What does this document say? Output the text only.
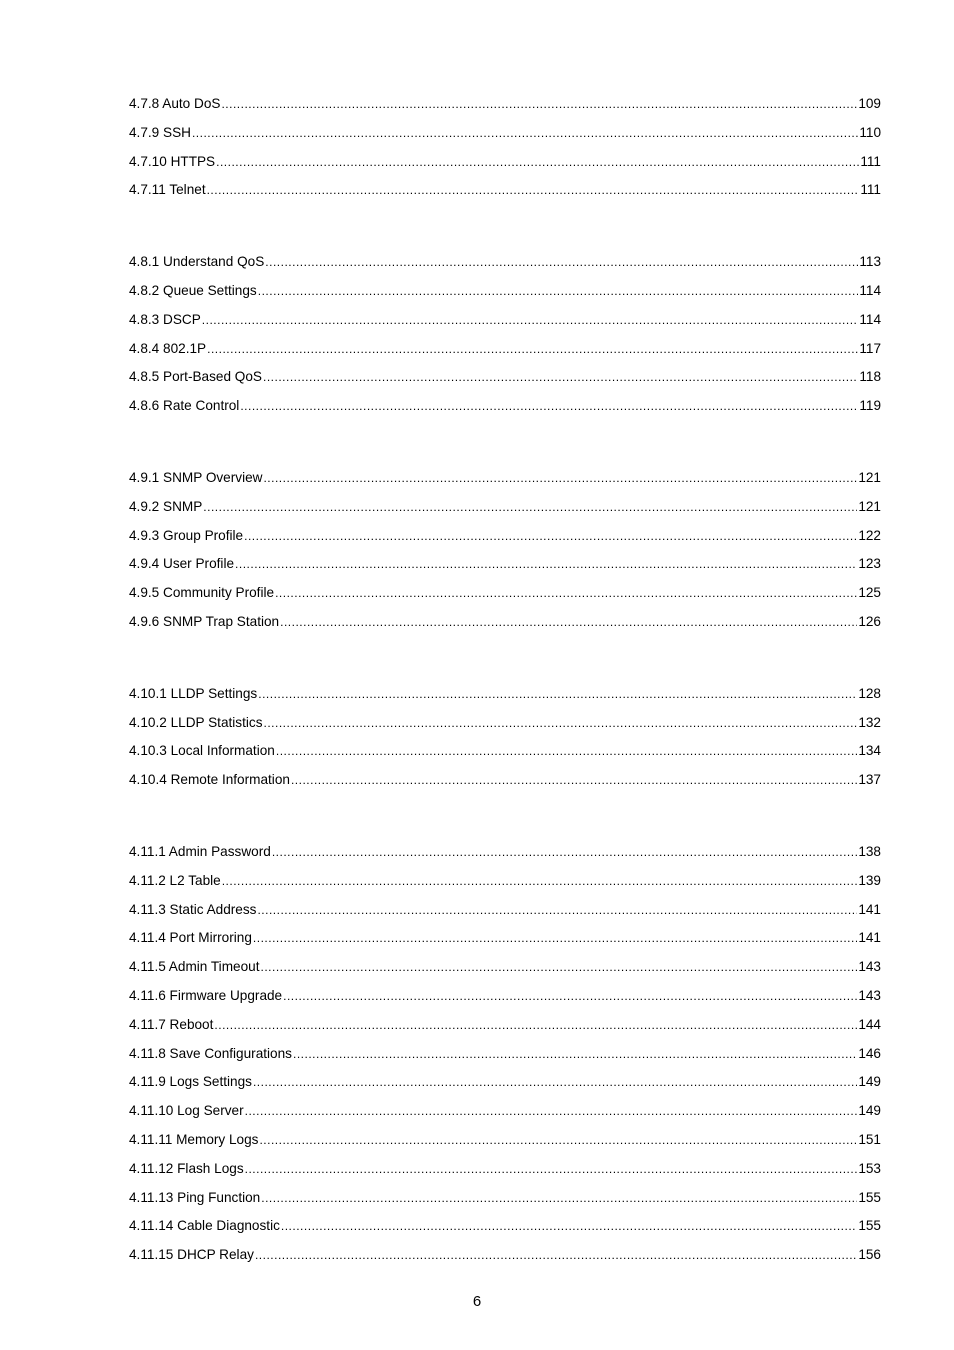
4.7.8 Auto DoS .....	109
4.7.9 SSH .....	110
4.7.10 HTTPS .....	111
4.7.11 Telnet .....	111
4.8.1 Understand QoS .....	113
4.8.2 Queue Settings .....	114
4.8.3 DSCP .....	114
4.8.4 802.1P .....	117
4.8.5 Port-Based QoS .....	118
4.8.6 Rate Control .....	119
4.9.1 SNMP Overview .....	121
4.9.2 SNMP .....	121
4.9.3 Group Profile .....	122
4.9.4 User Profile .....	123
4.9.5 Community Profile .....	125
4.9.6 SNMP Trap Station .....	126
4.10.1 LLDP Settings .....	128
4.10.2 LLDP Statistics .....	132
4.10.3 Local Information .....	134
4.10.4 Remote Information .....	137
4.11.1 Admin Password .....	138
4.11.2 L2 Table .....	139
4.11.3 Static Address .....	141
4.11.4 Port Mirroring .....	141
4.11.5 Admin Timeout .....	143
4.11.6 Firmware Upgrade .....	143
4.11.7 Reboot .....	144
4.11.8 Save Configurations .....	146
4.11.9 Logs Settings .....	149
4.11.10 Log Server .....	149
4.11.11 Memory Logs .....	151
4.11.12 Flash Logs .....	153
4.11.13 Ping Function .....	155
4.11.14 Cable Diagnostic .....	155
4.11.15 DHCP Relay .....	156
6
